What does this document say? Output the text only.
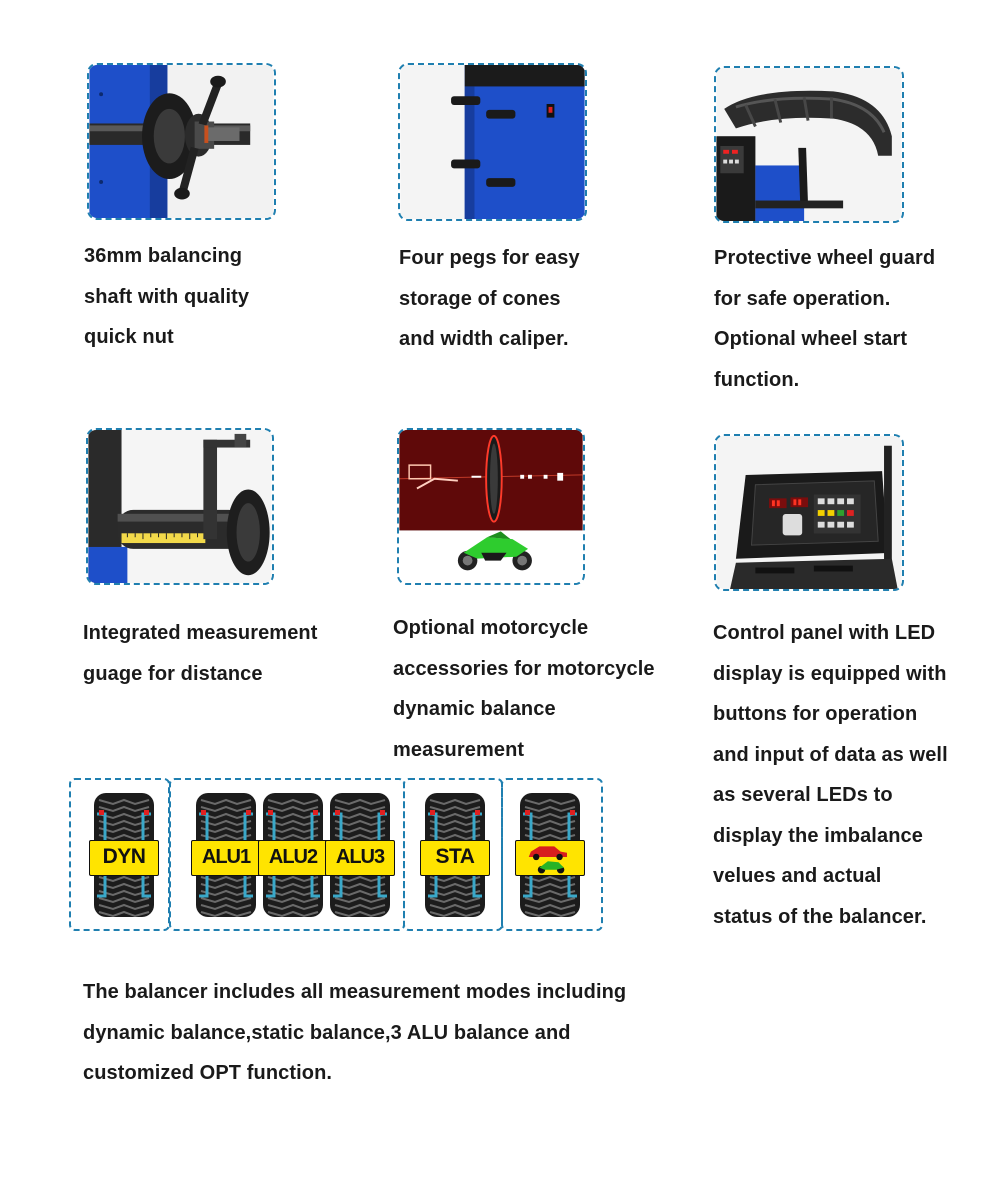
36mm balancing
shaft with quality
quick nut
Four pegs for easy
storage of cones
and width caliper.
Protective wheel guard
for safe operation.
Optional wheel start
function.
Integrated measurement
guage for distance
Optional motorcycle
accessories for motorcycle
dynamic balance
measurement
Control panel with LED
display is equipped with
buttons for operation
and input of data as well
as several LEDs to
display the imbalance
velues and actual
status of the balancer.
DYN	ALU1 ALU2 ALU3	STA
The balancer includes all measurement modes including
dynamic balance,static balance,3 ALU balance and
customized OPT function.
